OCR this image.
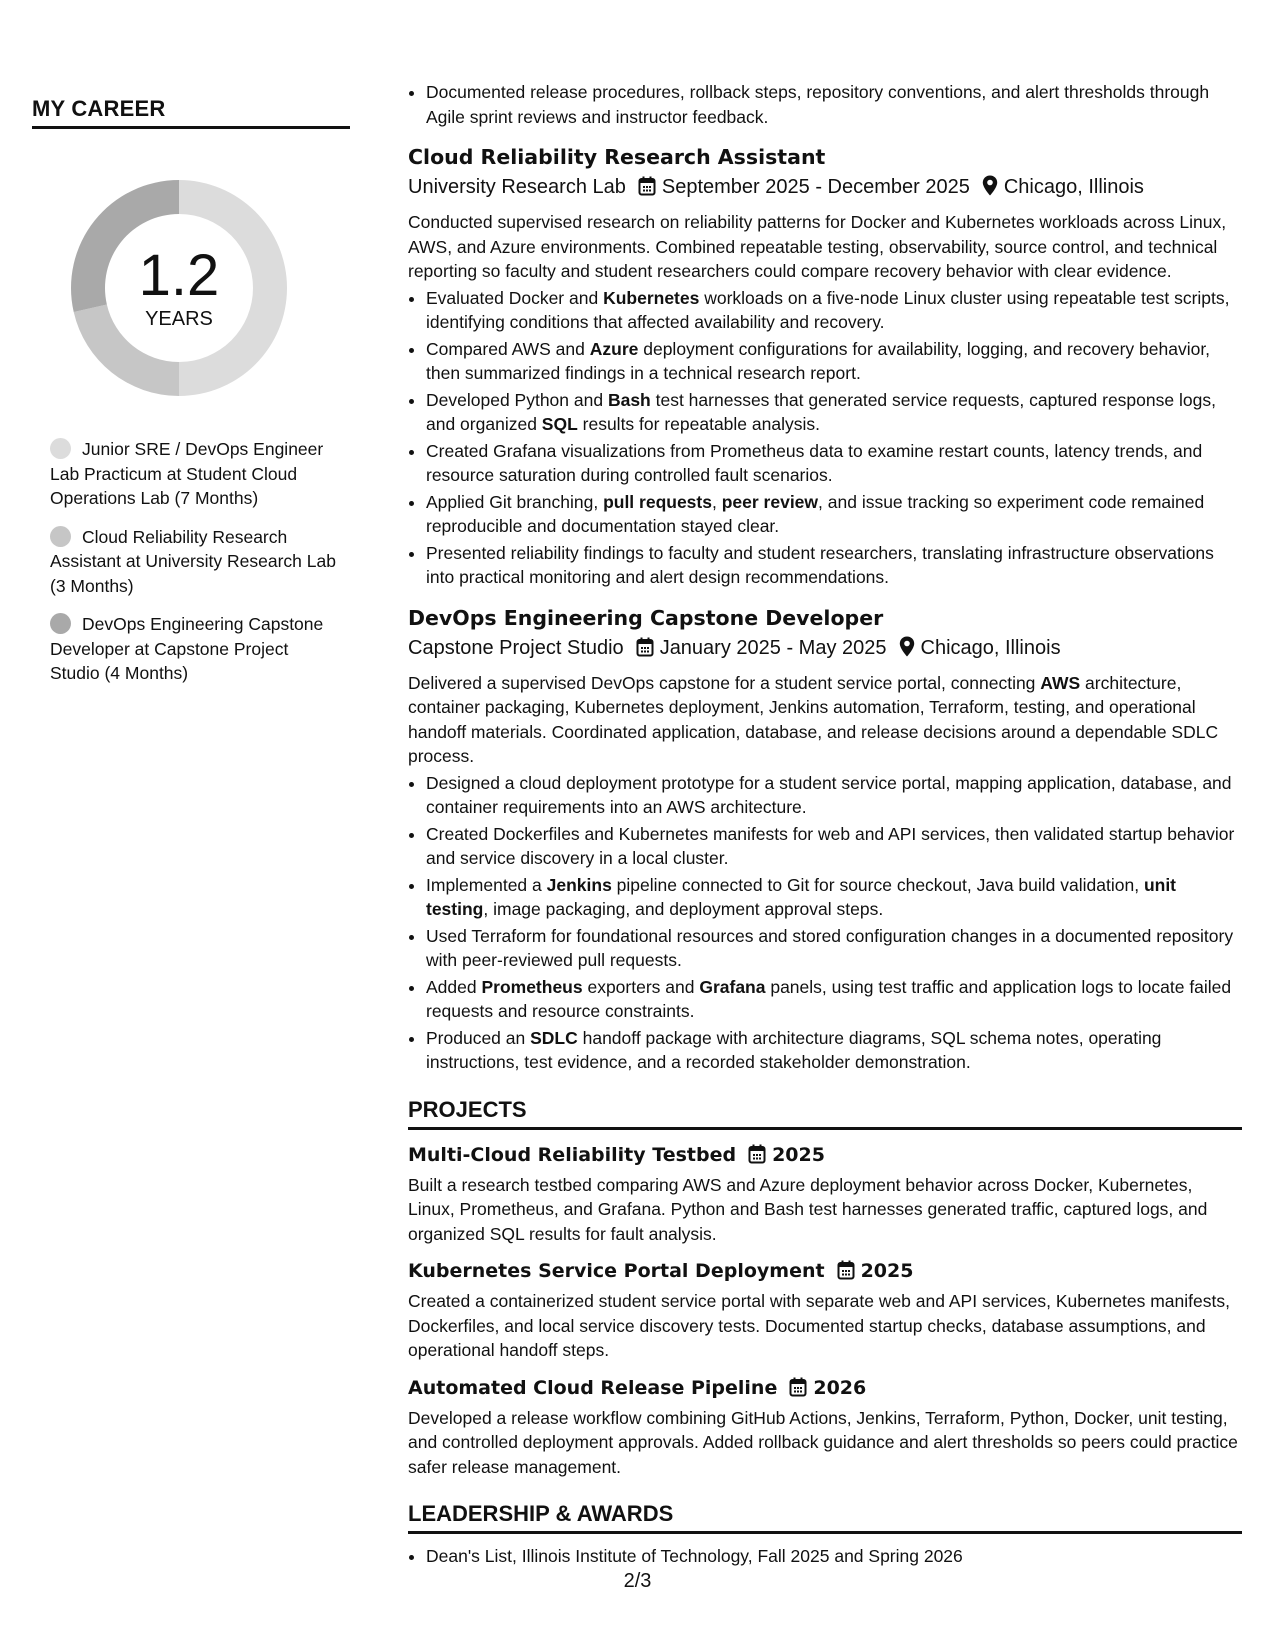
MY CAREER
1.2
YEARS
Junior SRE / DevOps Engineer Lab Practicum at Student Cloud Operations Lab (7 Months)
Cloud Reliability Research Assistant at University Research Lab (3 Months)
DevOps Engineering Capstone Developer at Capstone Project Studio (4 Months)
• Documented release procedures, rollback steps, repository conventions, and alert thresholds through Agile sprint reviews and instructor feedback.
Cloud Reliability Research Assistant
University Research Lab September 2025 - December 2025 Chicago, Illinois

Conducted supervised research on reliability patterns for Docker and Kubernetes workloads across Linux, AWS, and Azure environments. Combined repeatable testing, observability, source control, and technical reporting so faculty and student researchers could compare recovery behavior with clear evidence.

• Evaluated Docker and Kubernetes workloads on a five-node Linux cluster using repeatable test scripts, identifying conditions that affected availability and recovery.
• Compared AWS and Azure deployment configurations for availability, logging, and recovery behavior, then summarized findings in a technical research report.
• Developed Python and Bash test harnesses that generated service requests, captured response logs, and organized SQL results for repeatable analysis.
• Created Grafana visualizations from Prometheus data to examine restart counts, latency trends, and resource saturation during controlled fault scenarios.
• Applied Git branching, pull requests, peer review, and issue tracking so experiment code remained reproducible and documentation stayed clear.
• Presented reliability findings to faculty and student researchers, translating infrastructure observations into practical monitoring and alert design recommendations.
DevOps Engineering Capstone Developer
Capstone Project Studio January 2025 - May 2025 Chicago, Illinois

Delivered a supervised DevOps capstone for a student service portal, connecting AWS architecture, container packaging, Kubernetes deployment, Jenkins automation, Terraform, testing, and operational handoff materials. Coordinated application, database, and release decisions around a dependable SDLC process.

• Designed a cloud deployment prototype for a student service portal, mapping application, database, and container requirements into an AWS architecture.
• Created Dockerfiles and Kubernetes manifests for web and API services, then validated startup behavior and service discovery in a local cluster.
• Implemented a Jenkins pipeline connected to Git for source checkout, Java build validation, unit testing, image packaging, and deployment approval steps.
• Used Terraform for foundational resources and stored configuration changes in a documented repository with peer-reviewed pull requests.
• Added Prometheus exporters and Grafana panels, using test traffic and application logs to locate failed requests and resource constraints.
• Produced an SDLC handoff package with architecture diagrams, SQL schema notes, operating instructions, test evidence, and a recorded stakeholder demonstration.
PROJECTS
Multi-Cloud Reliability Testbed 2025

Built a research testbed comparing AWS and Azure deployment behavior across Docker, Kubernetes, Linux, Prometheus, and Grafana. Python and Bash test harnesses generated traffic, captured logs, and organized SQL results for fault analysis.

Kubernetes Service Portal Deployment 2025

Created a containerized student service portal with separate web and API services, Kubernetes manifests, Dockerfiles, and local service discovery tests. Documented startup checks, database assumptions, and operational handoff steps.

Automated Cloud Release Pipeline 2026

Developed a release workflow combining GitHub Actions, Jenkins, Terraform, Python, Docker, unit testing, and controlled deployment approvals. Added rollback guidance and alert thresholds so peers could practice safer release management.

LEADERSHIP & AWARDS
• Dean's List, Illinois Institute of Technology, Fall 2025 and Spring 2026
2/3
